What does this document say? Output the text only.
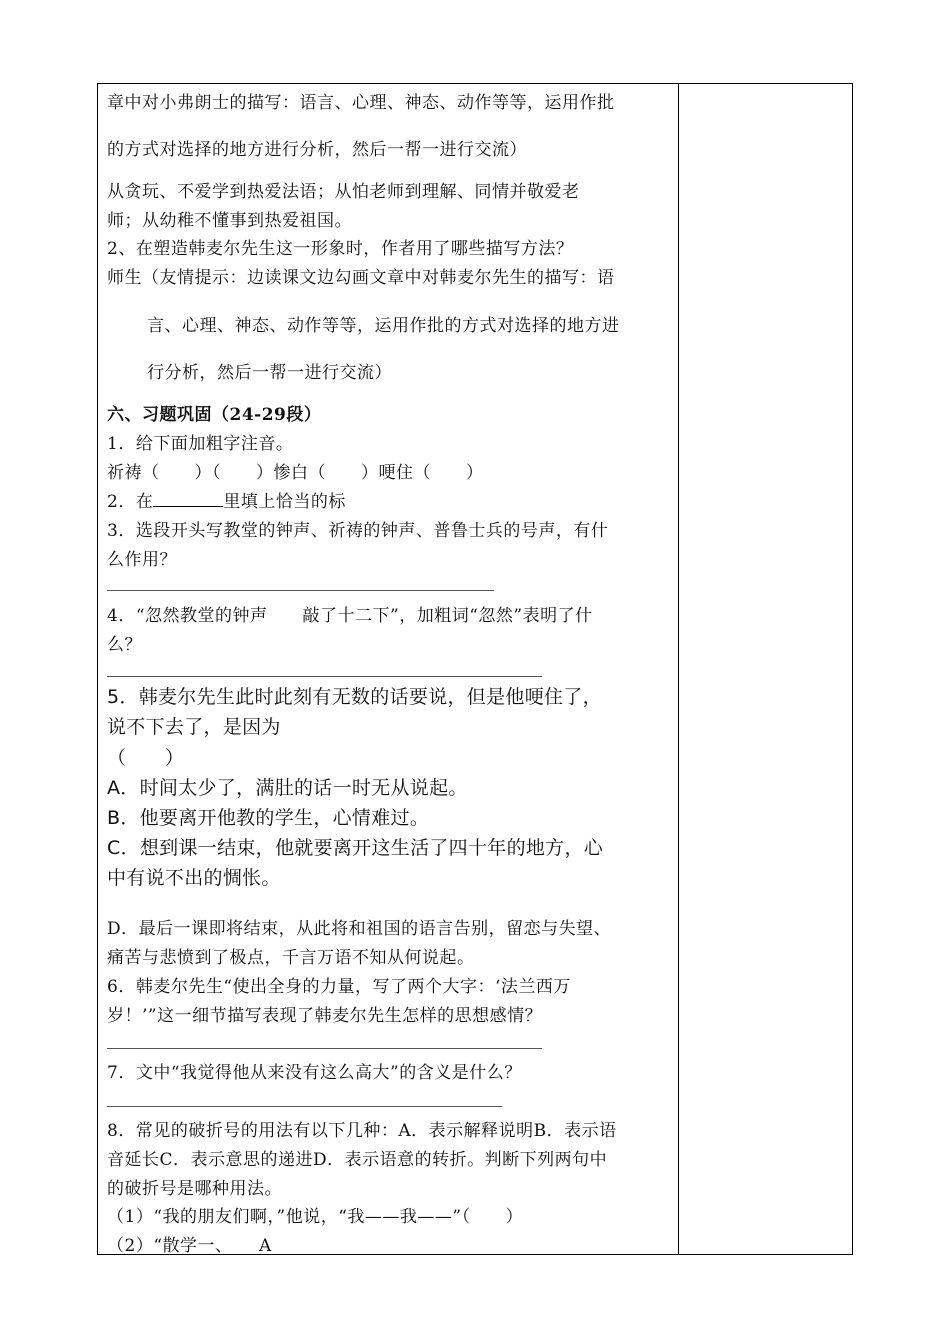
章中对小弗朗士的描写：语言、心理、神态、动作等等，运用作批
的方式对选择的地方进行分析，然后一帮一进行交流）
从贪玩、不爱学到热爱法语；从怕老师到理解、同情并敬爱老
师；从幼稚不懂事到热爱祖国。
2、在塑造韩麦尔先生这一形象时，作者用了哪些描写方法？
师生（友情提示：边读课文边勾画文章中对韩麦尔先生的描写：语
言、心理、神态、动作等等，运用作批的方式对选择的地方进
行分析，然后一帮一进行交流）
六、习题巩固（24-29段）
1．给下面加粗字注音。
祈祷（　　）（　　）惨白（　　）哽住（　　）
2．在	里填上恰当的标
3．选段开头写教堂的钟声、祈祷的钟声、普鲁士兵的号声，有什
么作用？
4．“忽然教堂的钟声　　敲了十二下”，加粗词“忽然”表明了什
么？
5．韩麦尔先生此时此刻有无数的话要说，但是他哽住了，
说不下去了，是因为
（　　）
A．时间太少了，满肚的话一时无从说起。
B．他要离开他教的学生，心情难过。
C．想到课一结束，他就要离开这生活了四十年的地方，心
中有说不出的惆怅。
D．最后一课即将结束，从此将和祖国的语言告别，留恋与失望、
痛苦与悲愤到了极点，千言万语不知从何说起。
6．韩麦尔先生“使出全身的力量，写了两个大字：‘法兰西万
岁！’”这一细节描写表现了韩麦尔先生怎样的思想感情？
7．文中“我觉得他从来没有这么高大”的含义是什么？
8．常见的破折号的用法有以下几种：A．表示解释说明B．表示语
音延长C．表示意思的递进D．表示语意的转折。判断下列两句中
的破折号是哪种用法。
（1）“我的朋友们啊，”他说，“我——我——”（　　）
（2）“散学一、　　A
